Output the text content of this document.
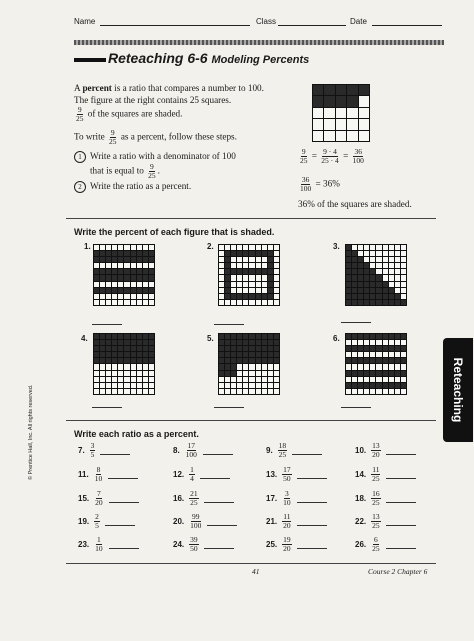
Name	Class	Date
Reteaching 6-6 Modeling Percents
A percent is a ratio that compares a number to 100.
The figure at the right contains 25 squares.
$\frac{9}{25}$ of the squares are shaded.
To write $\frac{9}{25}$ as a percent, follow these steps.
1 Write a ratio with a denominator of 100
that is equal to $\frac{9}{25}$ .
2 Write the ratio as a percent.
$\frac{9}{25} = \frac{9 \cdot 4}{25 \cdot 4} = \frac{36}{100}$
$\frac{36}{100} = 36\%$
36% of the squares are shaded.
Write the percent of each figure that is shaded.
1.	2.	3.
4.	5.	6.
Write each ratio as a percent.
7. $\frac{3}{5}$	8. $\frac{17}{100}$	9. $\frac{18}{25}$	10. $\frac{13}{20}$
11. $\frac{8}{10}$	12. $\frac{1}{4}$	13. $\frac{17}{50}$	14. $\frac{11}{25}$
15. $\frac{7}{20}$	16. $\frac{21}{25}$	17. $\frac{3}{10}$	18. $\frac{16}{25}$
19. $\frac{2}{5}$	20. $\frac{99}{100}$	21. $\frac{11}{20}$	22. $\frac{13}{25}$
23. $\frac{1}{10}$	24. $\frac{39}{50}$	25. $\frac{19}{20}$	26. $\frac{6}{25}$
Reteaching
© Prentice Hall, Inc. All rights reserved.
41	Course 2 Chapter 6
